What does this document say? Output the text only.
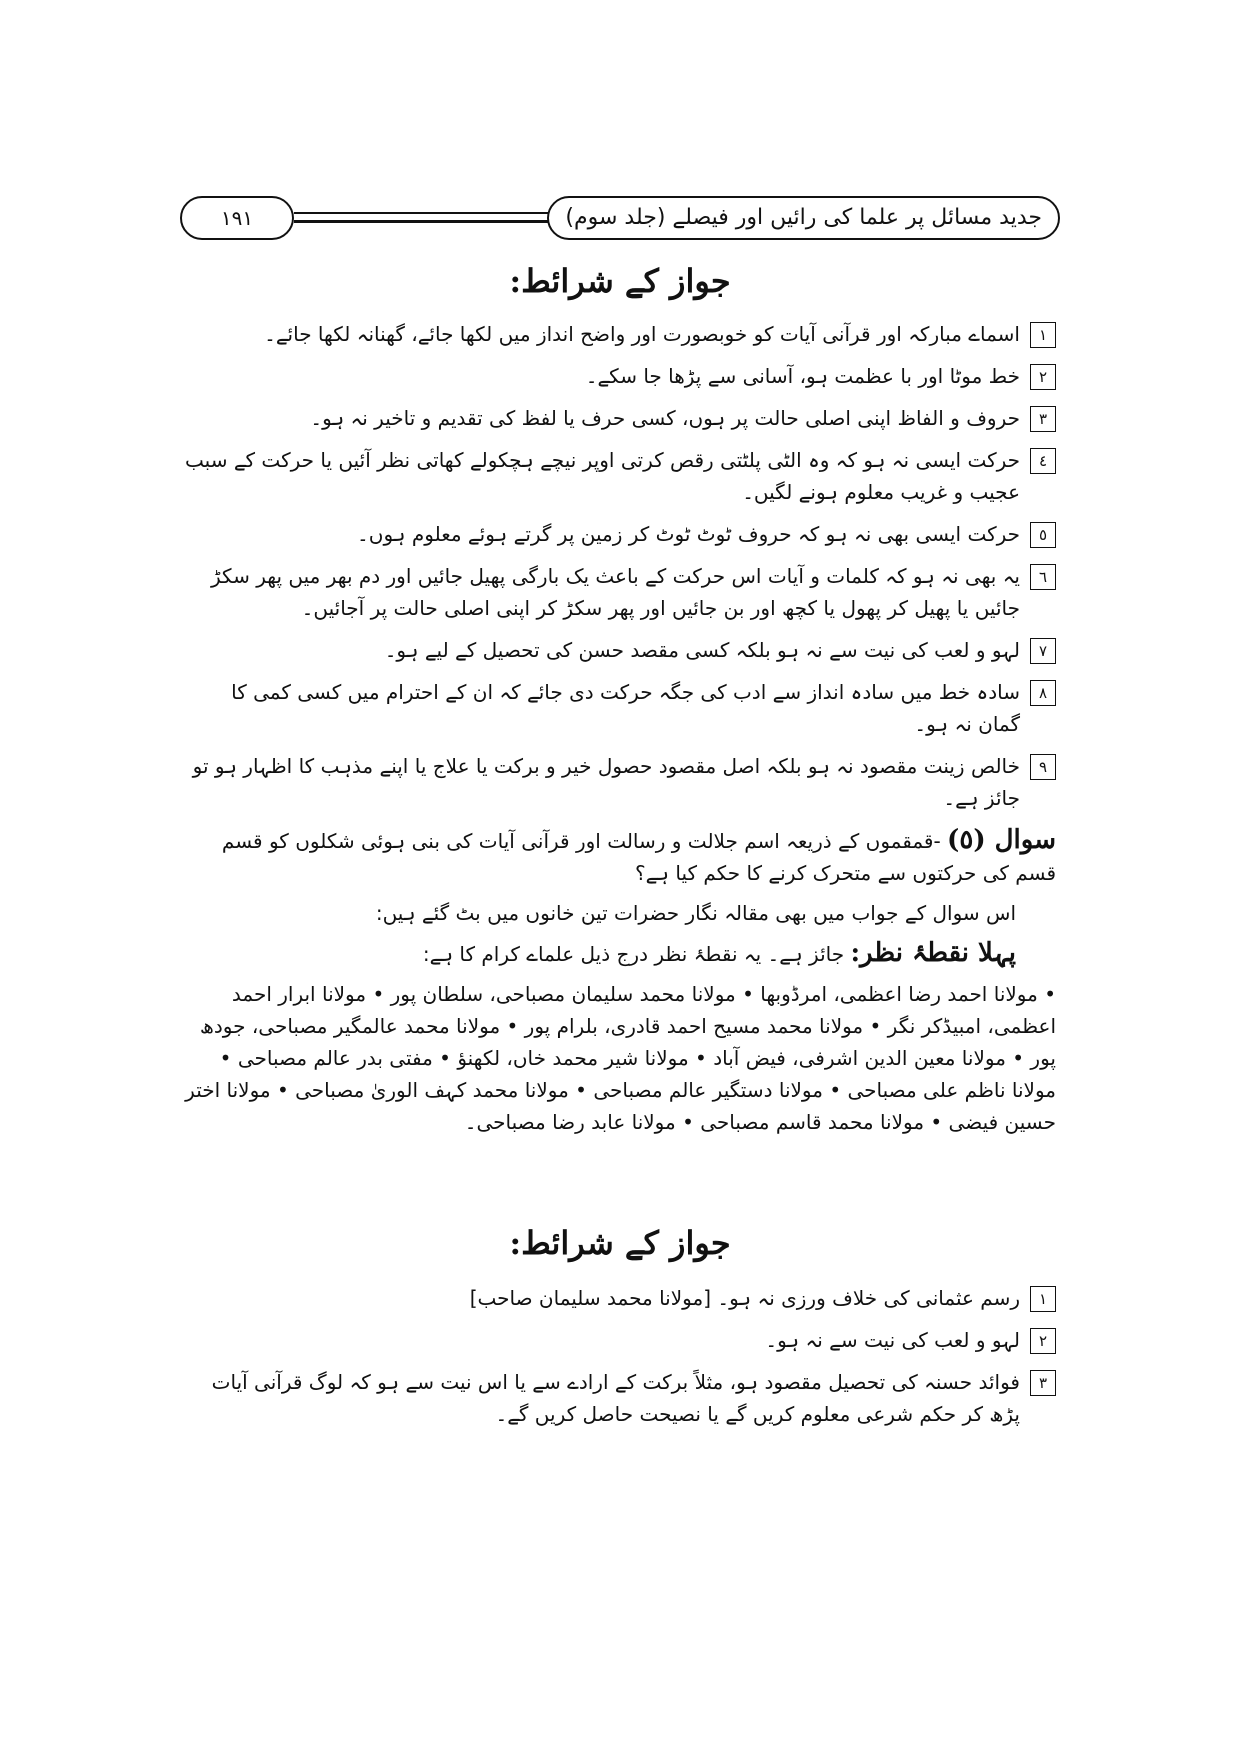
١٩١	جدید مسائل پر علما کی رائیں اور فیصلے (جلد سوم)
جواز کے شرائط:
١
اسماے مبارکہ اور قرآنی آیات کو خوبصورت اور واضح انداز میں لکھا جائے، گھنانہ لکھا جائے۔
٢
خط موٹا اور با عظمت ہو، آسانی سے پڑھا جا سکے۔
٣
حروف و الفاظ اپنی اصلی حالت پر ہوں، کسی حرف یا لفظ کی تقدیم و تاخیر نہ ہو۔
٤
حرکت ایسی نہ ہو کہ وہ الٹی پلٹتی رقص کرتی اوپر نیچے ہچکولے کھاتی نظر آئیں یا حرکت کے سبب عجیب و غریب معلوم ہونے لگیں۔
٥
حرکت ایسی بھی نہ ہو کہ حروف ٹوٹ ٹوٹ کر زمین پر گرتے ہوئے معلوم ہوں۔
٦
یہ بھی نہ ہو کہ کلمات و آیات اس حرکت کے باعث یک بارگی پھیل جائیں اور دم بھر میں پھر سکڑ جائیں یا پھیل کر پھول یا کچھ اور بن جائیں اور پھر سکڑ کر اپنی اصلی حالت پر آجائیں۔
٧
لہو و لعب کی نیت سے نہ ہو بلکہ کسی مقصد حسن کی تحصیل کے لیے ہو۔
٨
سادہ خط میں سادہ انداز سے ادب کی جگہ حرکت دی جائے کہ ان کے احترام میں کسی کمی کا گمان نہ ہو۔
٩
خالص زینت مقصود نہ ہو بلکہ اصل مقصود حصول خیر و برکت یا علاج یا اپنے مذہب کا اظہار ہو تو جائز ہے۔
سوال (٥) -قمقموں کے ذریعہ اسم جلالت و رسالت اور قرآنی آیات کی بنی ہوئی شکلوں کو قسم قسم کی حرکتوں سے متحرک کرنے کا حکم کیا ہے؟
اس سوال کے جواب میں بھی مقالہ نگار حضرات تین خانوں میں بٹ گئے ہیں:
پہلا نقطۂ نظر: جائز ہے۔ یہ نقطۂ نظر درج ذیل علماے کرام کا ہے:
• مولانا احمد رضا اعظمی، امرڈوبھا • مولانا محمد سلیمان مصباحی، سلطان پور • مولانا ابرار احمد اعظمی، امبیڈکر نگر • مولانا محمد مسیح احمد قادری، بلرام پور • مولانا محمد عالمگیر مصباحی، جودھ پور • مولانا معین الدین اشرفی، فیض آباد • مولانا شیر محمد خاں، لکھنؤ • مفتی بدر عالم مصباحی • مولانا ناظم علی مصباحی • مولانا دستگیر عالم مصباحی • مولانا محمد کہف الوریٰ مصباحی • مولانا اختر حسین فیضی • مولانا محمد قاسم مصباحی • مولانا عابد رضا مصباحی۔
جواز کے شرائط:
١
رسم عثمانی کی خلاف ورزی نہ ہو۔ [مولانا محمد سلیمان صاحب]
٢
لہو و لعب کی نیت سے نہ ہو۔
٣
فوائد حسنہ کی تحصیل مقصود ہو، مثلاً برکت کے ارادے سے یا اس نیت سے ہو کہ لوگ قرآنی آیات پڑھ کر حکم شرعی معلوم کریں گے یا نصیحت حاصل کریں گے۔
